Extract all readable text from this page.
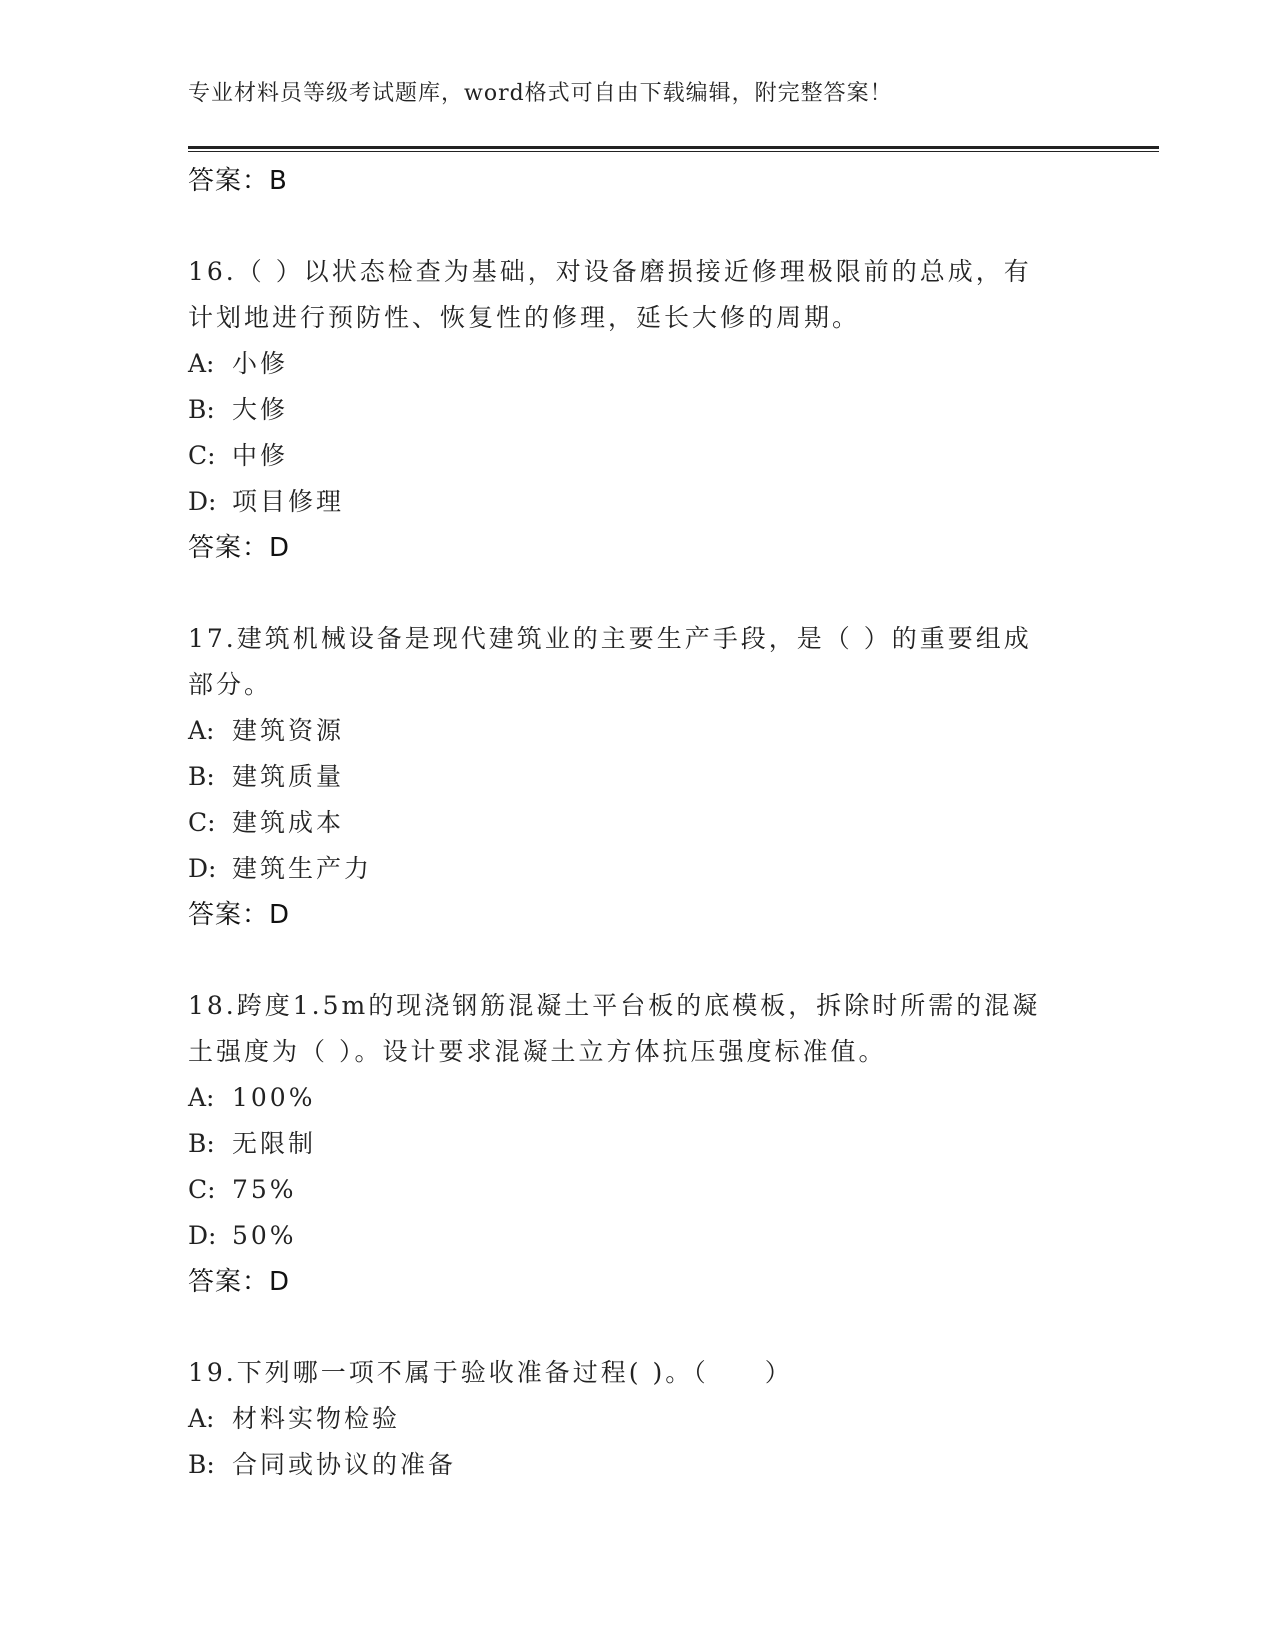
专业材料员等级考试题库，word格式可自由下载编辑，附完整答案！
答案：B
16.（ ）以状态检查为基础，对设备磨损接近修理极限前的总成，有
计划地进行预防性、恢复性的修理，延长大修的周期。
A: 小修
B: 大修
C: 中修
D: 项目修理
答案：D
17.建筑机械设备是现代建筑业的主要生产手段，是（ ）的重要组成
部分。
A: 建筑资源
B: 建筑质量
C: 建筑成本
D: 建筑生产力
答案：D
18.跨度1.5m的现浇钢筋混凝土平台板的底模板，拆除时所需的混凝
土强度为（ ）。设计要求混凝土立方体抗压强度标准值。
A: 100%
B: 无限制
C: 75%
D: 50%
答案：D
19.下列哪一项不属于验收准备过程( )。（　　）
A: 材料实物检验
B: 合同或协议的准备
